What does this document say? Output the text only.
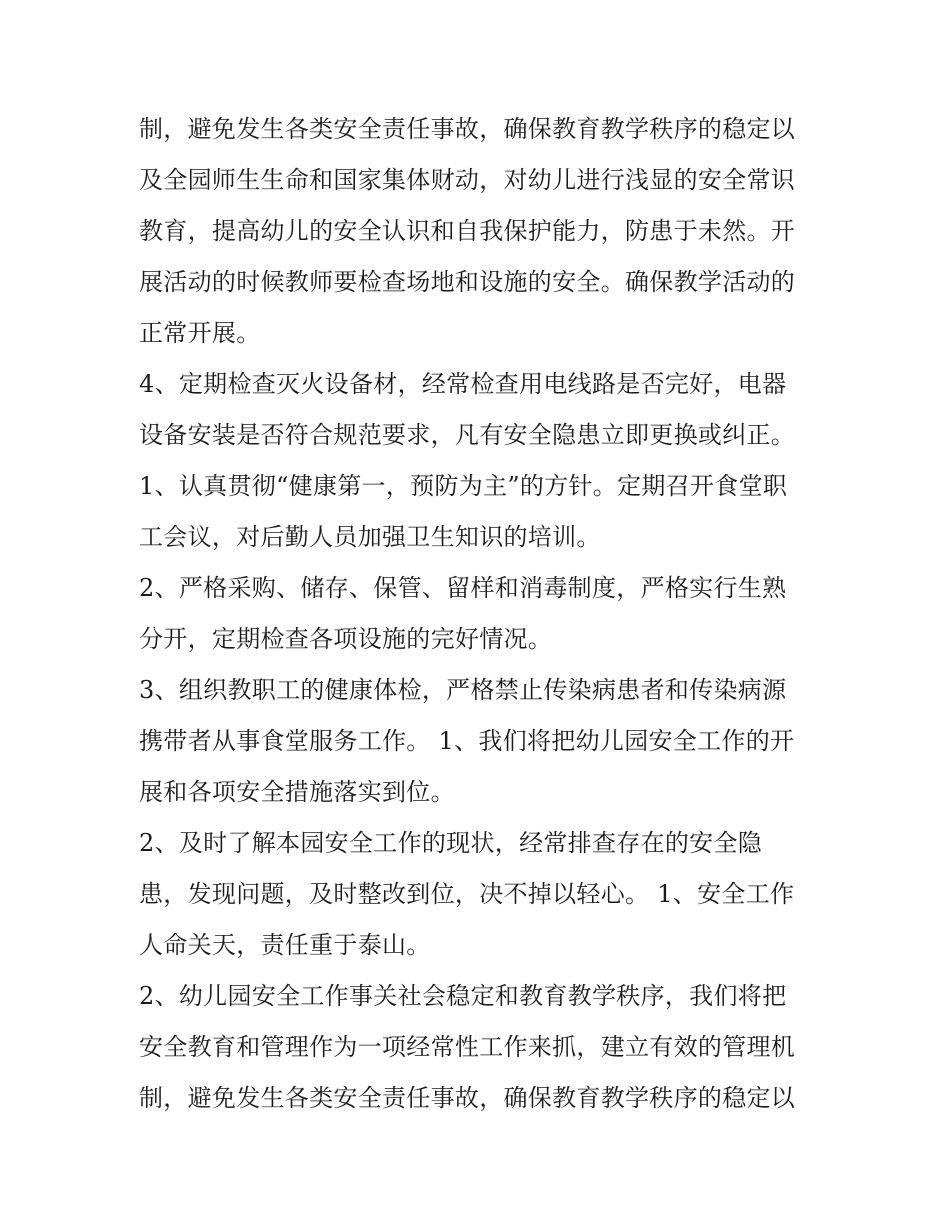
制，避免发生各类安全责任事故，确保教育教学秩序的稳定以
及全园师生生命和国家集体财动，对幼儿进行浅显的安全常识
教育，提高幼儿的安全认识和自我保护能力，防患于未然。开
展活动的时候教师要检查场地和设施的安全。确保教学活动的
正常开展。
4、定期检查灭火设备材，经常检查用电线路是否完好，电器
设备安装是否符合规范要求，凡有安全隐患立即更换或纠正。
1、认真贯彻“健康第一，预防为主”的方针。定期召开食堂职
工会议，对后勤人员加强卫生知识的培训。
2、严格采购、储存、保管、留样和消毒制度，严格实行生熟
分开，定期检查各项设施的完好情况。
3、组织教职工的健康体检，严格禁止传染病患者和传染病源
携带者从事食堂服务工作。 1、我们将把幼儿园安全工作的开
展和各项安全措施落实到位。
2、及时了解本园安全工作的现状，经常排查存在的安全隐
患，发现问题，及时整改到位，决不掉以轻心。 1、安全工作
人命关天，责任重于泰山。
2、幼儿园安全工作事关社会稳定和教育教学秩序，我们将把
安全教育和管理作为一项经常性工作来抓，建立有效的管理机
制，避免发生各类安全责任事故，确保教育教学秩序的稳定以
